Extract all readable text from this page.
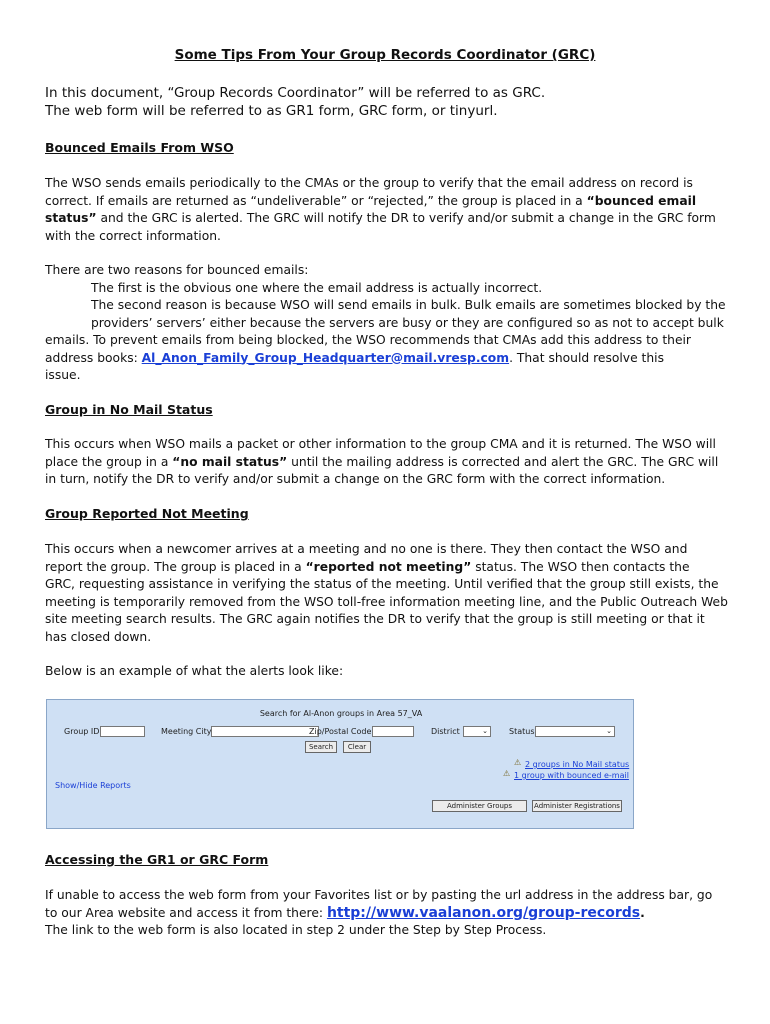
Some Tips From Your Group Records Coordinator (GRC)
In this document, “Group Records Coordinator” will be referred to as GRC.
The web form will be referred to as GR1 form, GRC form, or tinyurl.
Bounced Emails From WSO
The WSO sends emails periodically to the CMAs or the group to verify that the email address on record is
correct. If emails are returned as “undeliverable” or “rejected,” the group is placed in a “bounced email
status” and the GRC is alerted. The GRC will notify the DR to verify and/or submit a change in the GRC form
with the correct information.
There are two reasons for bounced emails:
The first is the obvious one where the email address is actually incorrect.
The second reason is because WSO will send emails in bulk. Bulk emails are sometimes blocked by the
providers’ servers’ either because the servers are busy or they are configured so as not to accept bulk
emails. To prevent emails from being blocked, the WSO recommends that CMAs add this address to their
address books: Al_Anon_Family_Group_Headquarter@mail.vresp.com. That should resolve this
issue.
Group in No Mail Status
This occurs when WSO mails a packet or other information to the group CMA and it is returned. The WSO will
place the group in a “no mail status” until the mailing address is corrected and alert the GRC. The GRC will
in turn, notify the DR to verify and/or submit a change on the GRC form with the correct information.
Group Reported Not Meeting
This occurs when a newcomer arrives at a meeting and no one is there. They then contact the WSO and
report the group. The group is placed in a “reported not meeting” status. The WSO then contacts the
GRC, requesting assistance in verifying the status of the meeting. Until verified that the group still exists, the
meeting is temporarily removed from the WSO toll-free information meeting line, and the Public Outreach Web
site meeting search results. The GRC again notifies the DR to verify that the group is still meeting or that it
has closed down.
Below is an example of what the alerts look like:
Search for Al-Anon groups in Area 57_VA
Group ID	Meeting City	Zip/Postal Code	District	⌄	Status	⌄
Search	Clear
⚠ 2 groups in No Mail status
⚠ 1 group with bounced e-mail
Show/Hide Reports
Administer Groups	Administer Registrations
Accessing the GR1 or GRC Form
If unable to access the web form from your Favorites list or by pasting the url address in the address bar, go
to our Area website and access it from there: http://www.vaalanon.org/group-records.
The link to the web form is also located in step 2 under the Step by Step Process.
